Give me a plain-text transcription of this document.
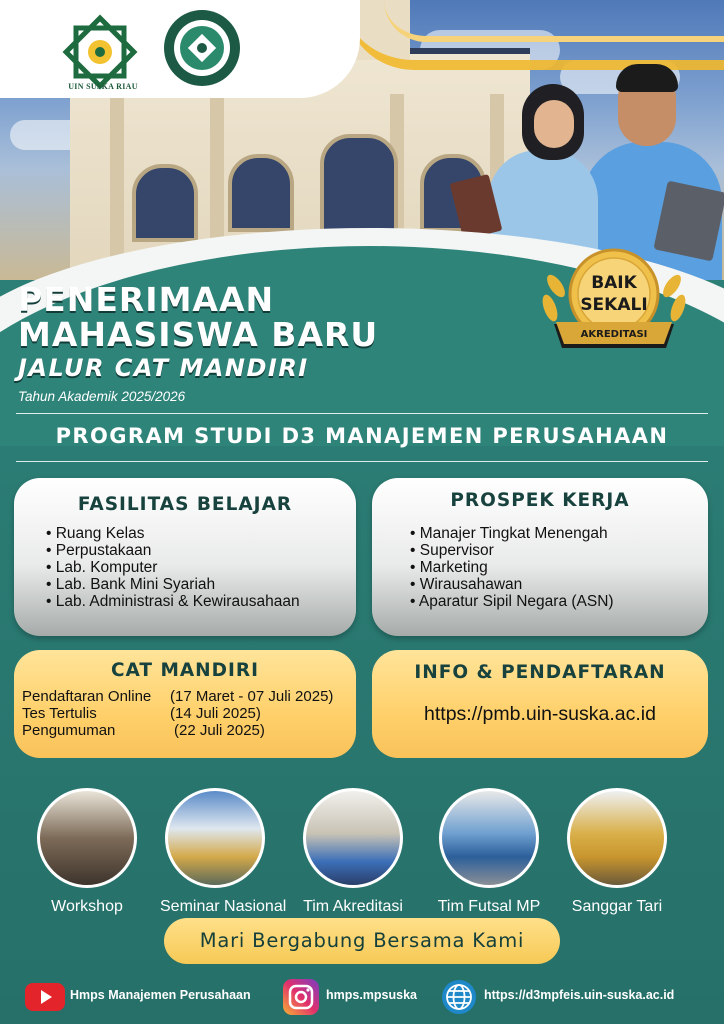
UIN SUSKA RIAU
BAIK
SEKALI
AKREDITASI
PENERIMAAN
MAHASISWA BARU
JALUR CAT MANDIRI
Tahun Akademik 2025/2026
PROGRAM STUDI D3 MANAJEMEN PERUSAHAAN
FASILITAS BELAJAR
• Ruang Kelas
• Perpustakaan
• Lab. Komputer
• Lab. Bank Mini Syariah
• Lab. Administrasi & Kewirausahaan
PROSPEK KERJA
• Manajer Tingkat Menengah
• Supervisor
• Marketing
• Wirausahawan
• Aparatur Sipil Negara (ASN)
CAT MANDIRI
Pendaftaran Online (17 Maret - 07 Juli 2025)
Tes Tertulis	(14 Juli 2025)
Pengumuman	(22 Juli 2025)
INFO & PENDAFTARAN
https://pmb.uin-suska.ac.id
Workshop	Seminar Nasional	Tim Akreditasi	Tim Futsal MP	Sanggar Tari
Mari Bergabung Bersama Kami
Hmps Manajemen Perusahaan	hmps.mpsuska	https://d3mpfeis.uin-suska.ac.id
